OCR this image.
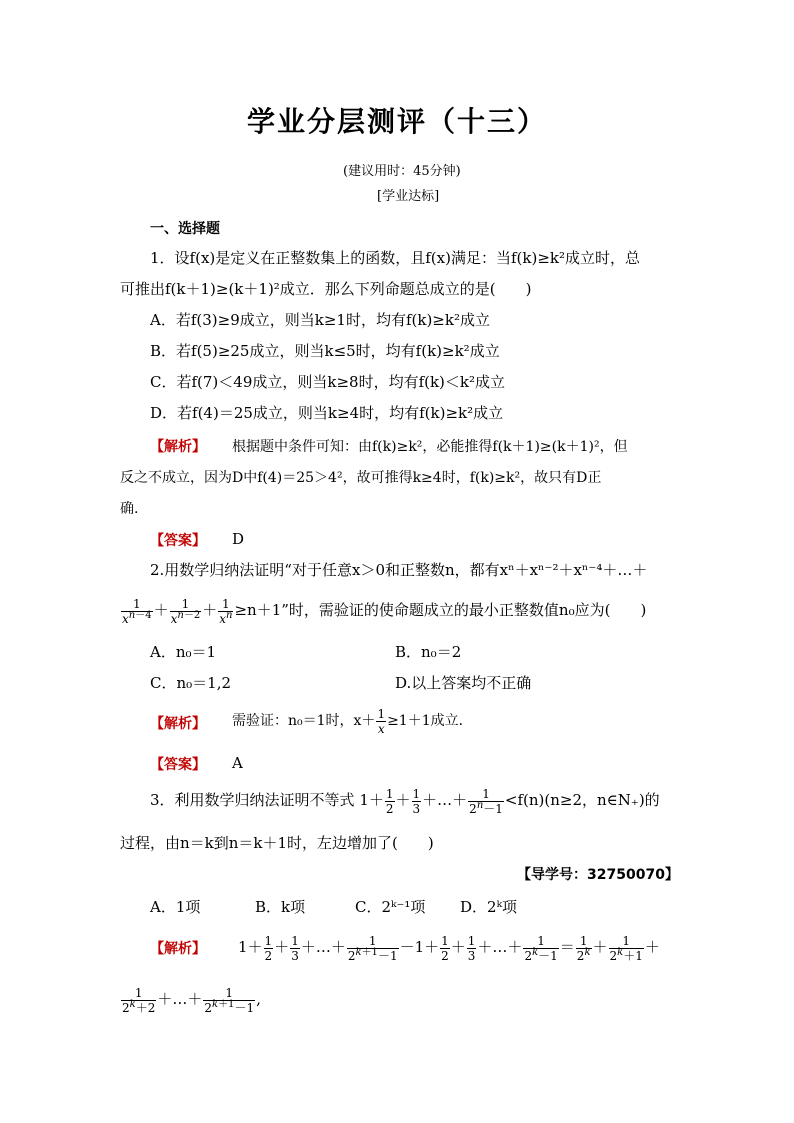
学业分层测评（十三）
(建议用时：45分钟)
[学业达标]
一、选择题
1．设f(x)是定义在正整数集上的函数，且f(x)满足：当f(k)≥k²成立时，总
可推出f(k＋1)≥(k＋1)²成立．那么下列命题总成立的是(　　)
A．若f(3)≥9成立，则当k≥1时，均有f(k)≥k²成立
B．若f(5)≥25成立，则当k≤5时，均有f(k)≥k²成立
C．若f(7)＜49成立，则当k≥8时，均有f(k)＜k²成立
D．若f(4)＝25成立，则当k≥4时，均有f(k)≥k²成立
【解析】 根据题中条件可知：由f(k)≥k²，必能推得f(k＋1)≥(k＋1)²，但
反之不成立，因为D中f(4)＝25＞4²，故可推得k≥4时，f(k)≥k²，故只有D正
确.
【答案】 D
2.用数学归纳法证明“对于任意x＞0和正整数n，都有xⁿ＋xⁿ⁻²＋xⁿ⁻⁴＋…＋
$\frac{1}{x^{n-4}} + \frac{1}{x^{n-2}} + \frac{1}{x^n} \ge n+1$”时，需验证的使命题成立的最小正整数值n₀应为(　　)
A．n₀＝1	B．n₀＝2
C．n₀＝1,2	D.以上答案均不正确
【解析】 需验证：n₀＝1时，$x+ \frac{1}{x} \ge 1+1$成立．
【答案】 A
3．利用数学归纳法证明不等式 $1+ \frac{1}{2} + \frac{1}{3}$ ＋…＋ $\frac{1}{2^n-1} <f(n)(n\ge 2$，n∈N₊)的
过程，由n＝k到n＝k＋1时，左边增加了(　　)
【导学号：32750070】
A．1项	B．k项	C．2ᵏ⁻¹项 D．2ᵏ项
【解析】 $1+ \frac{1}{2} + \frac{1}{3}$ ＋…＋ $\frac{1}{2^{k+1}-1} -1+ \frac{1}{2} + \frac{1}{3}$ ＋…＋ $\frac{1}{2^k-1} = \frac{1}{2^k} + \frac{1}{2^k+1}$ ＋
$\frac{1}{2^k+2}$ ＋…＋ $\frac{1}{2^{k+1}-1}$ ,
